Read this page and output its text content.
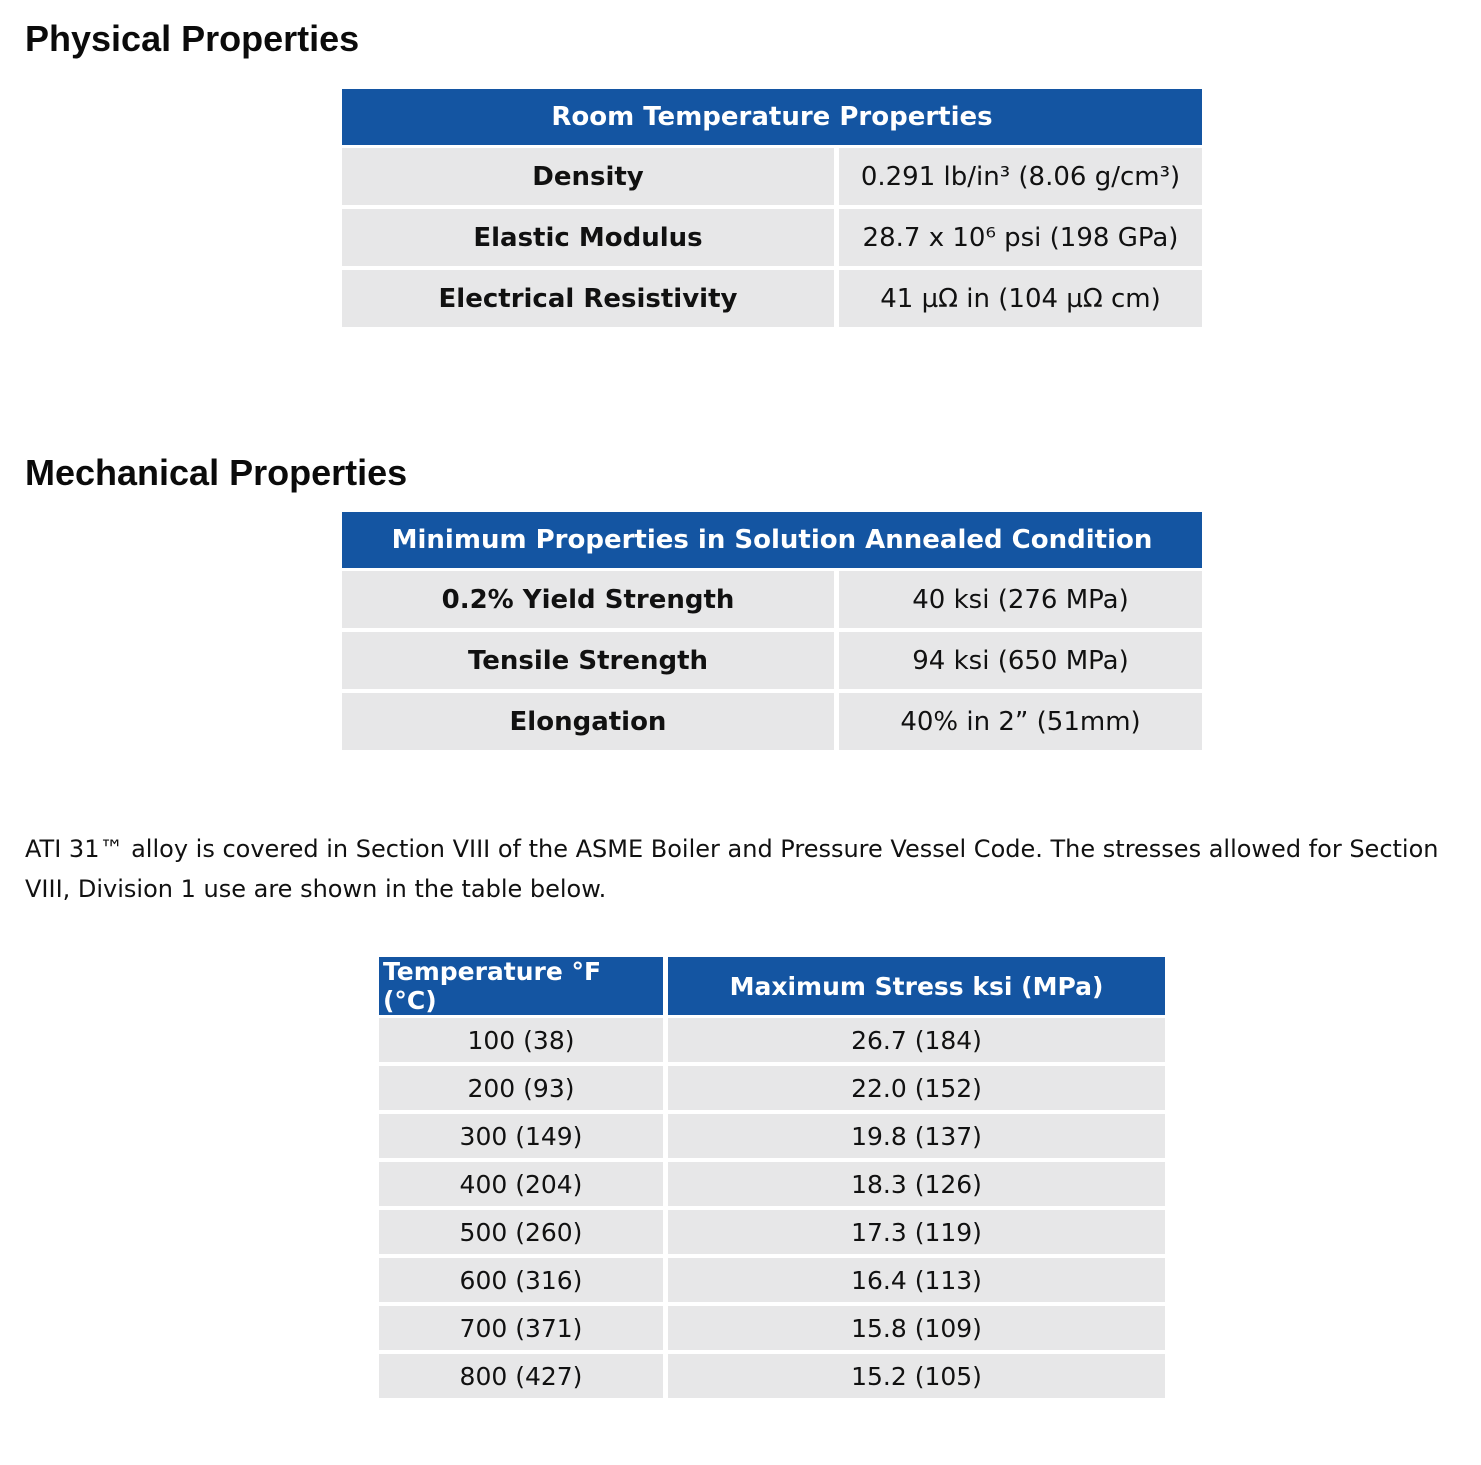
Physical Properties
Room Temperature Properties	
Density	0.291 lb/in³ (8.06 g/cm³)
Elastic Modulus	28.7 x 10⁶ psi (198 GPa)
Electrical Resistivity	41 µΩ in (104 µΩ cm)
Mechanical Properties
Minimum Properties in Solution Annealed Condition	
0.2% Yield Strength	40 ksi (276 MPa)
Tensile Strength	94 ksi (650 MPa)
Elongation	40% in 2” (51mm)

ATI 31™ alloy is covered in Section VIII of the ASME Boiler and Pressure Vessel Code. The stresses allowed for Section
VIII, Division 1 use are shown in the table below.

Temperature °F (°C)	Maximum Stress ksi (MPa)
100 (38)	26.7 (184)
200 (93)	22.0 (152)
300 (149)	19.8 (137)
400 (204)	18.3 (126)
500 (260)	17.3 (119)
600 (316)	16.4 (113)
700 (371)	15.8 (109)
800 (427)	15.2 (105)
